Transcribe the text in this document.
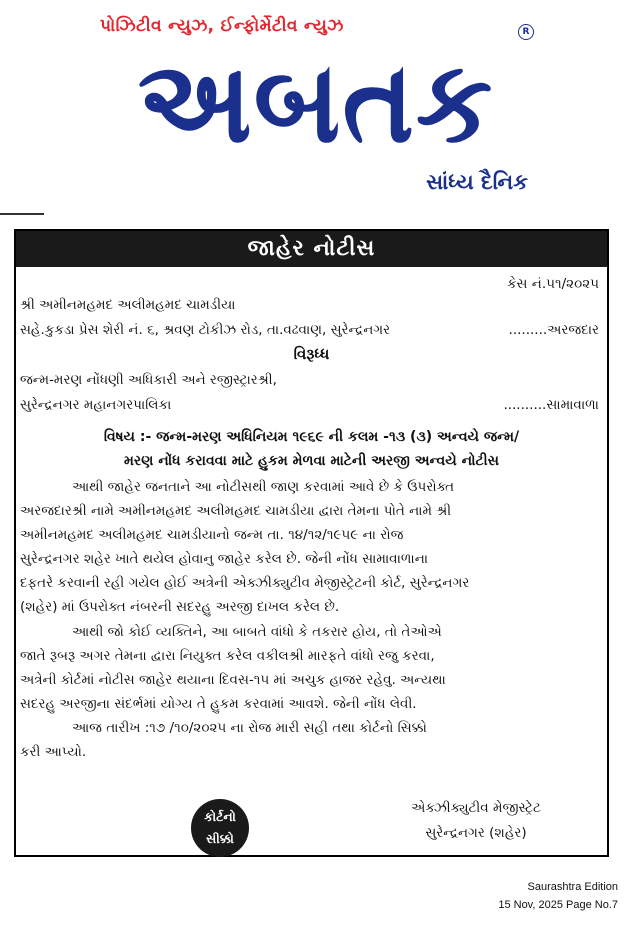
પોઝિટીવ ન્યુઝ, ઈન્ફોર્મેટીવ ન્યુઝ	R
અબતક
સાંધ્ય દૈનિક
જાહેર નોટીસ
કેસ નં.૫૧/૨૦૨૫
શ્રી અમીનમહમદ અલીમહમદ ચામડીયા
સહે.કુકડા પ્રેસ શેરી નં. ૬, શ્રવણ ટોકીઝ રોડ, તા.વઢવાણ, સુરેન્દ્રનગર	.........અરજદાર
વિરૂધ્ધ
જન્મ-મરણ નોંધણી અધિકારી અને રજીસ્ટ્રારશ્રી,
સુરેન્દ્રનગર મહાનગરપાલિકા	..........સામાવાળા
વિષય :- જન્મ-મરણ અધિનિયમ ૧૯૬૯ ની કલમ -૧૩ (૩) અન્વયે જન્મ/
મરણ નોંધ કરાવવા માટે હુકમ મેળવા માટેની અરજી અન્વયે નોટીસ
આથી જાહેર જનતાને આ નોટીસથી જાણ કરવામાં આવે છે કે ઉપરોક્ત
અરજદારશ્રી નામે અમીનમહમદ અલીમહમદ ચામડીયા દ્વારા તેમના પોતે નામે શ્રી
અમીનમહમદ અલીમહમદ ચામડીયાનો જન્મ તા. ૧૪/૧૨/૧૯૫૯ ના રોજ
સુરેન્દ્રનગર શહેર ખાતે થયેલ હોવાનુ જાહેર કરેલ છે. જેની નોંધ સામાવાળાના
દફતરે કરવાની રહી ગયેલ હોઈ અત્રેની એક્ઝીક્યુટીવ મેજીસ્ટ્રેટની કોર્ટ, સુરેન્દ્રનગર
(શહેર) માં ઉપરોક્ત નંબરની સદરહુ અરજી દાખલ કરેલ છે.
આથી જો કોઈ વ્યક્તિને, આ બાબતે વાંધો કે તકરાર હોય, તો તેઓએ
જાતે રૂબરૂ અગર તેમના દ્વારા નિયુક્ત કરેલ વકીલશ્રી મારફતે વાંધો રજુ કરવા,
અત્રેની કોર્ટમાં નોટીસ જાહેર થયાના દિવસ-૧૫ માં અચુક હાજર રહેવુ. અન્યથા
સદરહુ અરજીના સંદર્ભમાં યોગ્ય તે હુકમ કરવામાં આવશે. જેની નોંધ લેવી.
આજ તારીખ :૧૭ /૧૦/૨૦૨૫ ના રોજ મારી સહી તથા કોર્ટનો સિક્કો
કરી આપ્યો.
કોર્ટનો
સીક્કો
એક્ઝીક્યુટીવ મેજીસ્ટ્રેટ
સુરેન્દ્રનગર (શહેર)
Saurashtra Edition
15 Nov, 2025 Page No.7
